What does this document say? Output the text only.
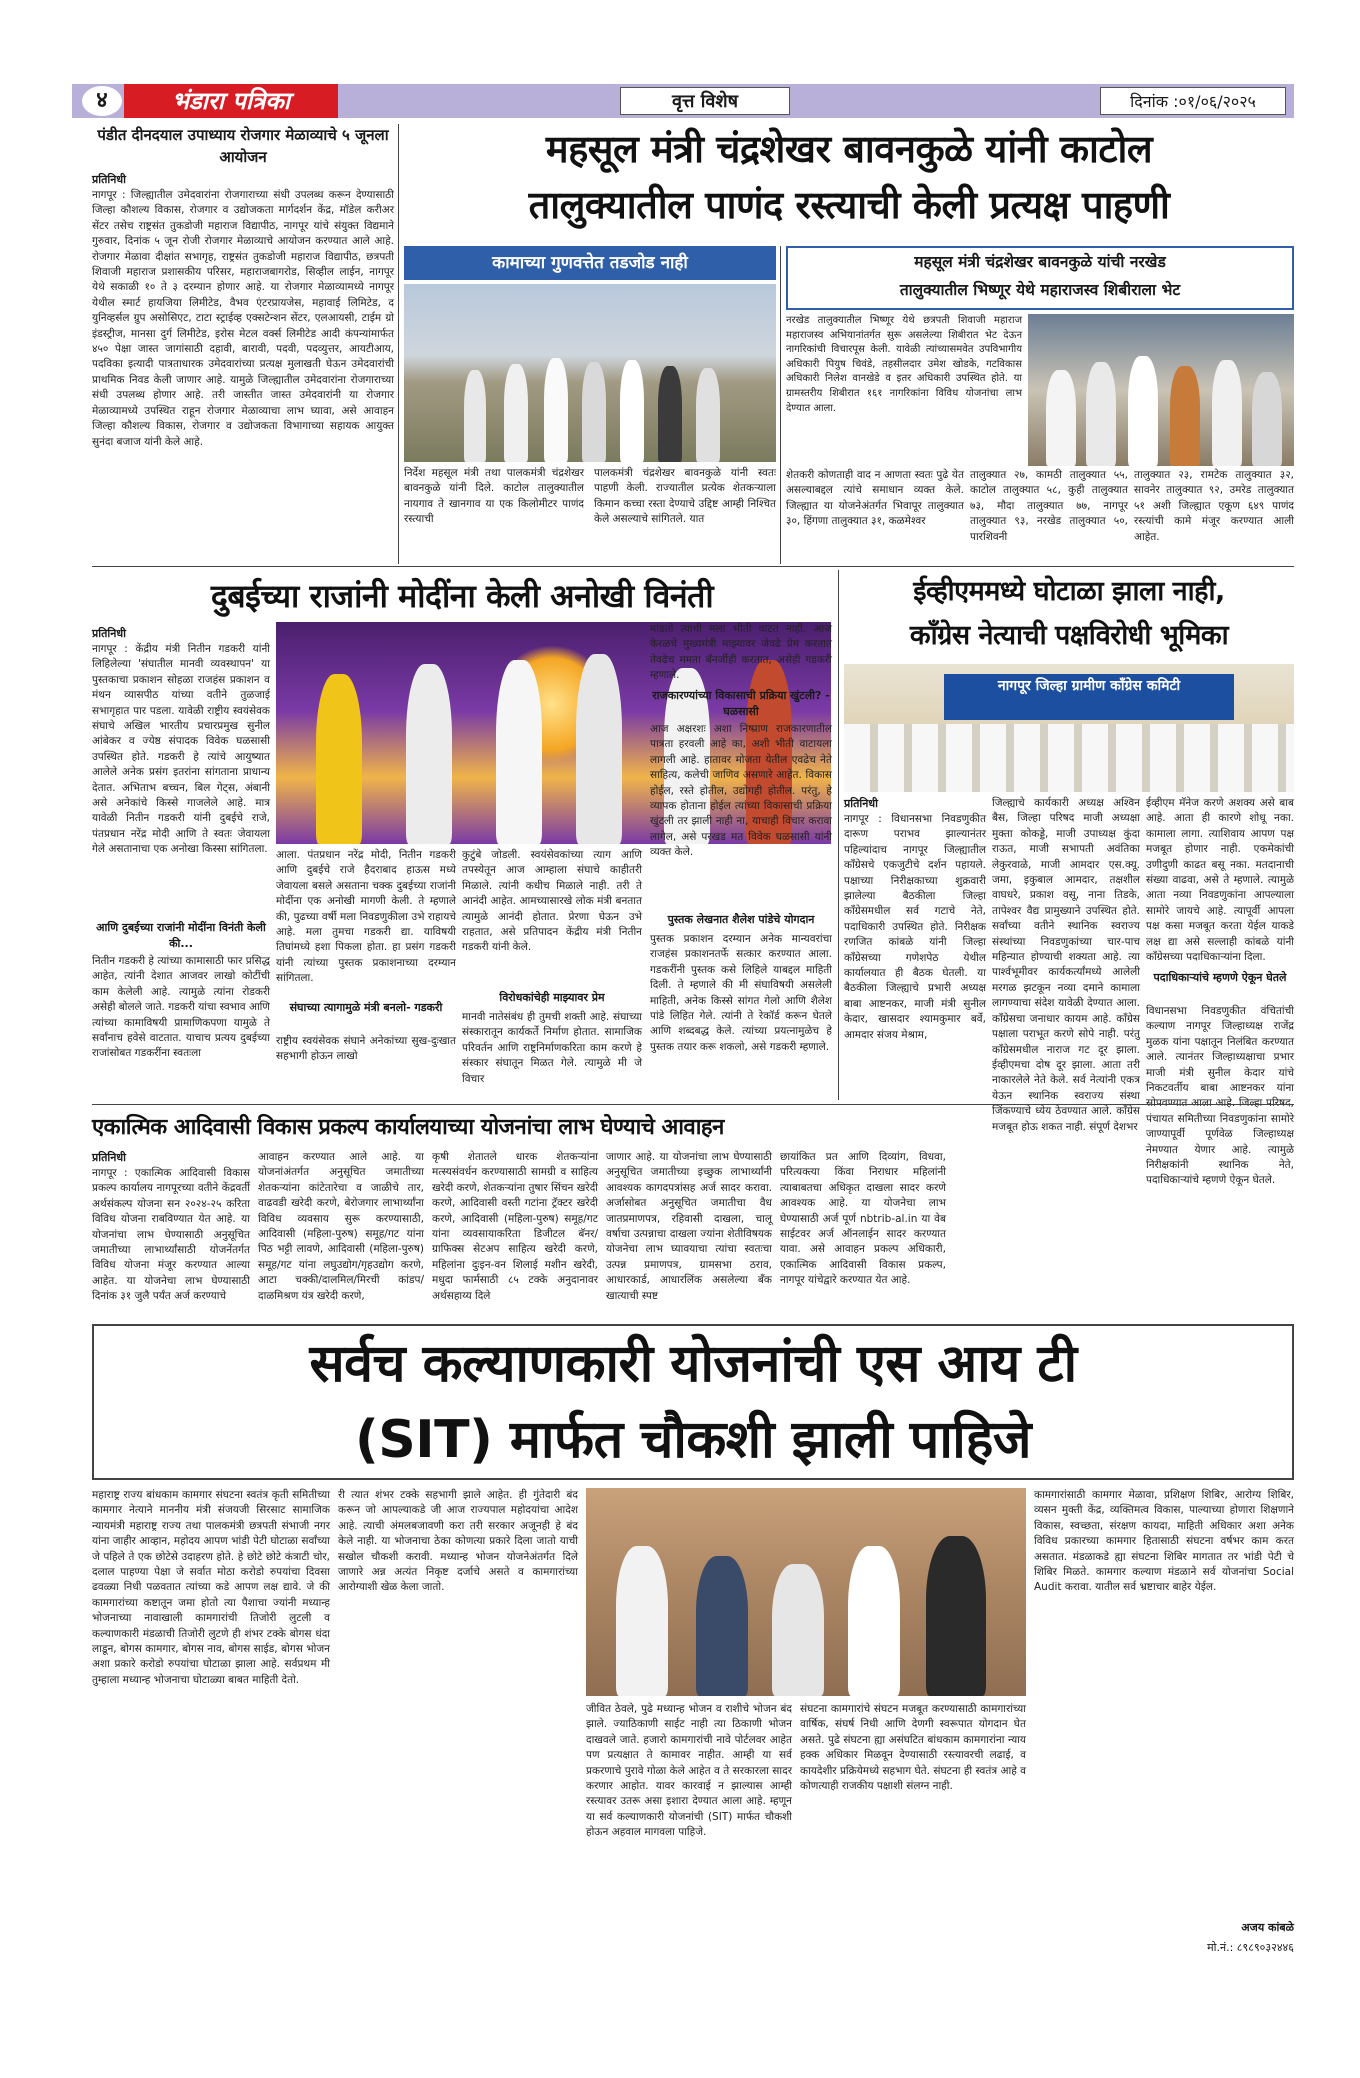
४	भंडारा पत्रिका	वृत्त विशेष	दिनांक :०१/०६/२०२५
पंडीत दीनदयाल उपाध्याय रोजगार मेळाव्याचे ५ जूनला आयोजन
प्रतिनिधी
नागपूर : जिल्ह्यातील उमेदवारांना रोजगाराच्या संधी उपलब्ध करून देण्यासाठी जिल्हा कौशल्य विकास, रोजगार व उद्योजकता मार्गदर्शन केंद्र, मॉडेल करीअर सेंटर तसेच राष्ट्रसंत तुकडोजी महाराज विद्यापीठ, नागपूर यांचे संयुक्त विद्यमाने गुरुवार, दिनांक ५ जून रोजी रोजगार मेळाव्याचे आयोजन करण्यात आले आहे. रोजगार मेळावा दीक्षांत सभागृह, राष्ट्रसंत तुकडोजी महाराज विद्यापीठ, छत्रपती शिवाजी महाराज प्रशासकीय परिसर, महाराजबागरोड, सिव्हील लाईन, नागपूर येथे सकाळी १० ते ३ दरम्यान होणार आहे. या रोजगार मेळाव्यामध्ये नागपूर येथील स्मार्ट हायजिया लिमीटेड, वैभव एंटरप्रायजेस, महावाई लिमिटेड, द युनिव्हर्सल ग्रुप असोसिएट, टाटा स्ट्राईव्ह एक्सटेन्शन सेंटर, एलआयसी, टाईम ग्रो इंडस्ट्रीज, मानसा दुर्ग लिमीटेड, इरोस मेटल वर्क्स लिमीटेड आदी कंपन्यांमार्फत ४५० पेक्षा जास्त जागांसाठी दहावी, बारावी, पदवी, पदव्युत्तर, आयटीआय, पदविका इत्यादी पात्रताधारक उमेदवारांच्या प्रत्यक्ष मुलाखती घेऊन उमेदवारांची प्राथमिक निवड केली जाणार आहे. यामुळे जिल्ह्यातील उमेदवारांना रोजगाराच्या संधी उपलब्ध होणार आहे. तरी जास्तीत जास्त उमेदवारांनी या रोजगार मेळाव्यामध्ये उपस्थित राहून रोजगार मेळाव्याचा लाभ घ्यावा, असे आवाहन जिल्हा कौशल्य विकास, रोजगार व उद्योजकता विभागाच्या सहायक आयुक्त सुनंदा बजाज यांनी केले आहे.
महसूल मंत्री चंद्रशेखर बावनकुळे यांनी काटोल
तालुक्यातील पाणंद रस्त्याची केली प्रत्यक्ष पाहणी
कामाच्या गुणवत्तेत तडजोड नाही
निर्देश महसूल मंत्री तथा पालकमंत्री चंद्रशेखर बावनकुळे यांनी दिले. काटोल तालुक्यातील नायगाव ते खानगाव या एक किलोमीटर पाणंद रस्त्याची
पालकमंत्री चंद्रशेखर बावनकुळे यांनी स्वतः पाहणी केली. राज्यातील प्रत्येक शेतकऱ्याला किमान कच्चा रस्ता देण्याचे उद्दिष्ट आम्ही निश्चित केले असल्याचे सांगितले. यात
महसूल मंत्री चंद्रशेखर बावनकुळे यांची नरखेड
तालुक्यातील भिष्णूर येथे महाराजस्व शिबीराला भेट
नरखेड तालुक्यातील भिष्णूर येथे छत्रपती शिवाजी महाराज महाराजस्व अभियानांतर्गत सुरू असलेल्या शिबीरात भेट देऊन नागरिकांची विचारपूस केली. यावेळी त्यांच्यासमवेत उपविभागीय अधिकारी पियुष चिवंडे, तहसीलदार उमेश खोडके, गटविकास अधिकारी निलेश वानखेडे व इतर अधिकारी उपस्थित होते. या ग्रामस्तरीय शिबीरात १६१ नागरिकांना विविध योजनांचा लाभ देण्यात आला.
शेतकरी कोणताही वाद न आणता स्वतः पुढे येत असल्याबद्दल त्यांचे समाधान व्यक्त केले. जिल्ह्यात या योजनेअंतर्गत भिवापूर तालुक्यात ३०, हिंगणा तालुक्यात ३१, कळमेश्वर
तालुक्यात २७, कामठी तालुक्यात ५५, काटोल तालुक्यात ५८, कुही तालुक्यात ७३, मौदा तालुक्यात ७७, नागपूर तालुक्यात ९३, नरखेड तालुक्यात ५०, पारशिवनी
तालुक्यात २३, रामटेक तालुक्यात ३२, सावनेर तालुक्यात ९२, उमरेड तालुक्यात ५१ अशी जिल्ह्यात एकूण ६४९ पाणंद रस्त्यांची कामे मंजूर करण्यात आली आहेत.
दुबईच्या राजांनी मोदींना केली अनोखी विनंती
प्रतिनिधी
नागपूर : केंद्रीय मंत्री नितीन गडकरी यांनी लिहिलेल्या 'संघातील मानवी व्यवस्थापन' या पुस्तकाचा प्रकाशन सोहळा राजहंस प्रकाशन व मंथन व्यासपीठ यांच्या वतीने तुळजाई सभागृहात पार पडला. यावेळी राष्ट्रीय स्वयंसेवक संघाचे अखिल भारतीय प्रचारप्रमुख सुनील आंबेकर व ज्येष्ठ संपादक विवेक घळसासी उपस्थित होते. गडकरी हे त्यांचे आयुष्यात आलेले अनेक प्रसंग इतरांना सांगताना प्राधान्य देतात. अभिताभ बच्चन, बिल गेट्स, अंबानी असे अनेकांचे किस्से गाजलेले आहे. मात्र यावेळी नितीन गडकरी यांनी दुबईचे राजे, पंतप्रधान नरेंद्र मोदी आणि ते स्वतः जेवायला गेले असतानाचा एक अनोखा किस्सा सांगितला.
आणि दुबईच्या राजांनी मोदींना विनंती केली की...
नितीन गडकरी हे त्यांच्या कामासाठी फार प्रसिद्ध आहेत, त्यांनी देशात आजवर लाखो कोटींची काम केलेली आहे. त्यामुळे त्यांना रोडकरी असेही बोलले जाते. गडकरी यांचा स्वभाव आणि त्यांच्या कामाविषयी प्रामाणिकपणा यामुळे ते सर्वांनाच हवेसे वाटतात. याचाच प्रत्यय दुबईच्या राजांसोबत गडकरींना स्वतःला
आला. पंतप्रधान नरेंद्र मोदी, नितीन गडकरी आणि दुबईचे राजे हैदराबाद हाऊस मध्ये जेवायला बसले असताना चक्क दुबईच्या राजांनी मोदींना एक अनोखी मागणी केली. ते म्हणाले की, पुढच्या वर्षी मला निवडणुकीला उभे राहायचे आहे. मला तुमचा गडकरी द्या. याविषयी तिघांमध्ये हशा पिकला होता. हा प्रसंग गडकरी यांनी त्यांच्या पुस्तक प्रकाशनाच्या दरम्यान सांगितला.
संघाच्या त्यागामुळे मंत्री बनलो- गडकरी
राष्ट्रीय स्वयंसेवक संघाने अनेकांच्या सुख-दुःखात सहभागी होऊन लाखो
कुटुंबे जोडली. स्वयंसेवकांच्या त्याग आणि तपस्येतून आज आम्हाला संघाचे काहीतरी मिळाले. त्यांनी कधीच मिळाले नाही. तरी ते आनंदी आहेत. आमच्यासारखे लोक मंत्री बनतात त्यामुळे आनंदी होतात. प्रेरणा घेऊन उभे राहतात, असे प्रतिपादन केंद्रीय मंत्री नितीन गडकरी यांनी केले.
विरोधकांचेही माझ्यावर प्रेम
मानवी नातेसंबंध ही तुमची शक्ती आहे. संघाच्या संस्कारातून कार्यकर्ते निर्माण होतात. सामाजिक परिवर्तन आणि राष्ट्रनिर्माणकरिता काम करणे हे संस्कार संघातून मिळत गेले. त्यामुळे मी जे विचार
मांडतो त्याची मला भीती वाटत नाही. आज केरळचे मुख्यमंत्री माझ्यावर जेवढे प्रेम करतात तेवढेच ममता बॅनर्जीही करतात, असेही गडकरी म्हणाले.
राजकारण्यांच्या विकासाची प्रक्रिया खुंटली? - घळसासी
आज अक्षरशः अशा निष्प्राण राजकारणातील पात्रता हरवली आहे का, अशी भीती वाटायला लागली आहे. हातावर मोजता येतील एवढेच नेते साहित्य, कलेची जाणिव असणारे आहेत. विकास होईल, रस्ते होतील, उद्योगही होतील. परंतु, हे व्यापक होताना होईल त्यांच्या विकासाची प्रक्रिया खुंटली तर झाली नाही ना, याचाही विचार करावा लागेल, असे परखड मत विवेक घळसासी यांनी व्यक्त केले.
पुस्तक लेखनात शैलेश पांडेचे योगदान
पुस्तक प्रकाशन दरम्यान अनेक मान्यवरांचा राजहंस प्रकाशनतर्फे सत्कार करण्यात आला. गडकरींनी पुस्तक कसे लिहिले याबद्दल माहिती दिली. ते म्हणाले की मी संघाविषयी असलेली माहिती, अनेक किस्से सांगत गेलो आणि शैलेश पांडे लिहित गेले. त्यांनी ते रेकॉर्ड करून घेतले आणि शब्दबद्ध केले. त्यांच्या प्रयत्नामुळेच हे पुस्तक तयार करू शकलो, असे गडकरी म्हणाले.
ईव्हीएममध्ये घोटाळा झाला नाही,
काँग्रेस नेत्याची पक्षविरोधी भूमिका
नागपूर जिल्हा ग्रामीण काँग्रेस कमिटी
प्रतिनिधी
नागपूर : विधानसभा निवडणुकीत दारूण पराभव झाल्यानंतर पहिल्यांदाच नागपूर जिल्ह्यातील काँग्रेसचे एकजुटीचे दर्शन पहायले. पक्षाच्या निरीक्षकाच्या शुक्रवारी झालेल्या बैठकीला जिल्हा काँग्रेसमधील सर्व गटाचे नेते, पदाधिकारी उपस्थित होते. निरीक्षक रणजित कांबळे यांनी जिल्हा काँग्रेसच्या गणेशपेठ येथील कार्यालयात ही बैठक घेतली. या बैठकीला जिल्ह्याचे प्रभारी अध्यक्ष बाबा आष्टनकर, माजी मंत्री सुनील केदार, खासदार श्यामकुमार बर्वे, आमदार संजय मेश्राम,
जिल्ह्याचे कार्यकारी अध्यक्ष अश्विन बैस, जिल्हा परिषद माजी अध्यक्षा मुक्ता कोकड्डे, माजी उपाध्यक्ष कुंदा राऊत, माजी सभापती अवंतिका लेकुरवाळे, माजी आमदार एस.क्यू. जमा, इकुबाल आमदार, तक्षशील वाघधरे, प्रकाश वसू, नाना तिडके, तापेश्वर वैद्य प्रामुख्याने उपस्थित होते. सर्वांच्या वतीने स्थानिक स्वराज्य संस्थांच्या निवडणुकांच्या चार-पाच महिन्यात होण्याची शक्यता आहे. त्या पार्श्वभूमीवर कार्यकर्त्यांमध्ये आलेली मरगळ झटकून नव्या दमाने कामाला लागण्याचा संदेश यावेळी देण्यात आला. काँग्रेसचा जनाधार कायम आहे. काँग्रेस पक्षाला पराभूत करणे सोपे नाही. परंतु काँग्रेसमधील नाराज गट दूर झाला. ईव्हीएमचा दोष दूर झाला. आता तरी नाकारलेले नेते केले. सर्व नेत्यांनी एकत्र येऊन स्थानिक स्वराज्य संस्था जिंकण्याचे ध्येय ठेवण्यात आले. काँग्रेस मजबूत होऊ शकत नाही. संपूर्ण देशभर
ईव्हीएम मॅनेज करणे अशक्य असे बाब आहे. आता ही कारणे शोधू नका. कामाला लागा. त्याशिवाय आपण पक्ष मजबूत होणार नाही. एकमेकांची उणीदुणी काढत बसू नका. मतदानाची संख्या वाढवा, असे ते म्हणाले. त्यामुळे आता नव्या निवडणुकांना आपल्याला सामोरे जायचे आहे. त्यापूर्वी आपला पक्ष कसा मजबूत करता येईल याकडे लक्ष द्या असे सल्लाही कांबळे यांनी काँग्रेसच्या पदाधिकाऱ्यांना दिला.
पदाधिकाऱ्यांचे म्हणणे ऐकून घेतले
विधानसभा निवडणुकीत वंचितांची कल्याण नागपूर जिल्हाध्यक्ष राजेंद्र मुळक यांना पक्षातून निलंबित करण्यात आले. त्यानंतर जिल्हाध्यक्षाचा प्रभार माजी मंत्री सुनील केदार यांचे निकटवर्तीय बाबा आष्टनकर यांना सोपवण्यात आला आहे. जिल्हा परिषद, पंचायत समितीच्या निवडणुकांना सामोरे जाण्यापूर्वी पूर्णवेळ जिल्हाध्यक्ष नेमण्यात येणार आहे. त्यामुळे निरीक्षकांनी स्थानिक नेते, पदाधिकाऱ्यांचे म्हणणे ऐकून घेतले.
एकात्मिक आदिवासी विकास प्रकल्प कार्यालयाच्या योजनांचा लाभ घेण्याचे आवाहन
प्रतिनिधी
नागपूर : एकात्मिक आदिवासी विकास प्रकल्प कार्यालय नागपूरच्या वतीने केंद्रवर्ती अर्थसंकल्प योजना सन २०२४-२५ करिता विविध योजना राबविण्यात येत आहे. या योजनांचा लाभ घेण्यासाठी अनुसूचित जमातीच्या लाभार्थ्यांसाठी योजनेंतर्गत विविध योजना मंजूर करण्यात आल्या आहेत. या योजनेचा लाभ घेण्यासाठी दिनांक ३१ जुलै पर्यंत अर्ज करण्याचे
आवाहन करण्यात आले आहे. या योजनांअंतर्गत अनुसूचित जमातीच्या शेतकऱ्यांना कांटेतारेचा व जाळीचे तार, वाढवडी खरेदी करणे, बेरोजगार लाभार्थ्यांना विविध व्यवसाय सुरू करण्यासाठी, आदिवासी (महिला-पुरुष) समूह/गट यांना पिठ भट्टी लावणे, आदिवासी (महिला-पुरुष) समूह/गट यांना लघुउद्योग/गृहउद्योग करणे, आटा चक्की/दालमिल/मिरची कांडप/दाळमिश्रण यंत्र खरेदी करणे,
कृषी शेतातले धारक शेतकऱ्यांना मत्स्यसंवर्धन करण्यासाठी सामग्री व साहित्य खरेदी करणे, शेतकऱ्यांना तुषार सिंचन खरेदी करणे, आदिवासी वस्ती गटांना ट्रॅक्टर खरेदी करणे, आदिवासी (महिला-पुरुष) समूह/गट यांना व्यवसायाकरिता डिजीटल बॅनर/ग्राफिक्स सेटअप साहित्य खरेदी करणे, महिलांना दुःइन-वन शिलाई मशीन खरेदी, मधुदा फार्मसाठी ८५ टक्के अनुदानावर अर्थसहाय्य दिले
जाणार आहे. या योजनांचा लाभ घेण्यासाठी अनुसूचित जमातीच्या इच्छुक लाभार्थ्यांनी आवश्यक कागदपत्रांसह अर्ज सादर करावा. अर्जासोबत अनुसूचित जमातीचा वैध जातप्रमाणपत्र, रहिवासी दाखला, चालू वर्षाचा उत्पन्नाचा दाखला ज्यांना शेतीविषयक योजनेचा लाभ घ्यावयाचा त्यांचा स्वतःचा उत्पन्न प्रमाणपत्र, ग्रामसभा ठराव, आधारकार्ड, आधारलिंक असलेल्या बँक खात्याची स्पष्ट
छायांकित प्रत आणि दिव्यांग, विधवा, परित्यक्त्या किंवा निराधार महिलांनी त्याबाबतचा अधिकृत दाखला सादर करणे आवश्यक आहे. या योजनेचा लाभ घेण्यासाठी अर्ज पूर्ण nbtrib-al.in या वेब साईटवर अर्ज ऑनलाईन सादर करण्यात यावा. असे आवाहन प्रकल्प अधिकारी, एकात्मिक आदिवासी विकास प्रकल्प, नागपूर यांचेद्वारे करण्यात येत आहे.
सर्वच कल्याणकारी योजनांची एस आय टी
(SIT) मार्फत चौकशी झाली पाहिजे
महाराष्ट्र राज्य बांधकाम कामगार संघटना स्वतंत्र कृती समितीच्या कामगार नेत्याने माननीय मंत्री संजयजी सिरसाट सामाजिक न्यायमंत्री महाराष्ट्र राज्य तथा पालकमंत्री छत्रपती संभाजी नगर यांना जाहीर आव्हान, महोदय आपण भांडी पेटी घोटाळा सर्वांच्या जे पहिले ते एक छोटेसे उदाहरण होते. हे छोटे छोटे कंत्राटी चोर, दलाल पाहण्या पेक्षा जे सर्वात मोठा करोडो रुपयांचा दिवसा ढवळ्या निधी पळवतात त्यांच्या कडे आपण लक्ष द्यावे. जे की कामगारांच्या कष्टातून जमा होतो त्या पैशाचा ज्यांनी मध्यान्ह भोजनाच्या नावाखाली कामगारांची तिजोरी लुटली व कल्याणकारी मंडळाची तिजोरी लुटणे ही शंभर टक्के बोगस धंदा लाडून, बोगस कामगार, बोगस नाव, बोगस साईड, बोगस भोजन अशा प्रकारे करोडो रुपयांचा घोटाळा झाला आहे. सर्वप्रथम मी तुम्हाला मध्यान्ह भोजनाचा घोटाळ्या बाबत माहिती देतो.
री त्यात शंभर टक्के सहभागी झाले आहेत. ही गुंतेदारी बंद करून जो आपल्याकडे जी आज राज्यपाल महोदयांचा आदेश आहे. त्याची अंमलबजावणी करा तरी सरकार अजूनही हे बंद केले नाही. या भोजनाचा ठेका कोणत्या प्रकारे दिला जातो याची सखोल चौकशी करावी. मध्यान्ह भोजन योजनेअंतर्गत दिले जाणारे अन्न अत्यंत निकृष्ट दर्जाचे असते व कामगारांच्या आरोग्याशी खेळ केला जातो.
जीवित ठेवले, पुढे मध्यान्ह भोजन व राशीचे भोजन बंद झाले. ज्याठिकाणी साईट नाही त्या ठिकाणी भोजन दाखवले जाते. हजारो कामगारांची नावे पोर्टलवर आहेत पण प्रत्यक्षात ते कामावर नाहीत. आम्ही या सर्व प्रकरणाचे पुरावे गोळा केले आहेत व ते सरकारला सादर करणार आहोत. यावर कारवाई न झाल्यास आम्ही रस्त्यावर उतरू असा इशारा देण्यात आला आहे. म्हणून या सर्व कल्याणकारी योजनांची (SIT) मार्फत चौकशी होऊन अहवाल मागवला पाहिजे.
संघटना कामगारांचे संघटन मजबूत करण्यासाठी कामगारांच्या वार्षिक, संघर्ष निधी आणि देणगी स्वरूपात योगदान घेत असते. पुढे संघटना ह्या असंघटित बांधकाम कामगारांना न्याय हक्क अधिकार मिळवून देण्यासाठी रस्त्यावरची लढाई, व कायदेशीर प्रक्रियेमध्ये सहभाग घेते. संघटना ही स्वतंत्र आहे व कोणत्याही राजकीय पक्षाशी संलग्न नाही.
कामगारांसाठी कामगार मेळावा, प्रशिक्षण शिबिर, आरोग्य शिबिर, व्यसन मुक्ती केंद्र, व्यक्तिमत्व विकास, पाल्याच्या होणारा शिक्षणाने विकास, स्वच्छता, संरक्षण कायदा, माहिती अधिकार अशा अनेक विविध प्रकारच्या कामगार हितासाठी संघटना वर्षभर काम करत असतात. मंडळाकडे ह्या संघटना शिबिर मागतात तर भांडी पेटी चे शिबिर मिळते. कामगार कल्याण मंडळाने सर्व योजनांचा Social Audit करावा. यातील सर्व भ्रष्टाचार बाहेर येईल.
अजय कांबळे
मो.नं.: ८९८९०३२४४६
